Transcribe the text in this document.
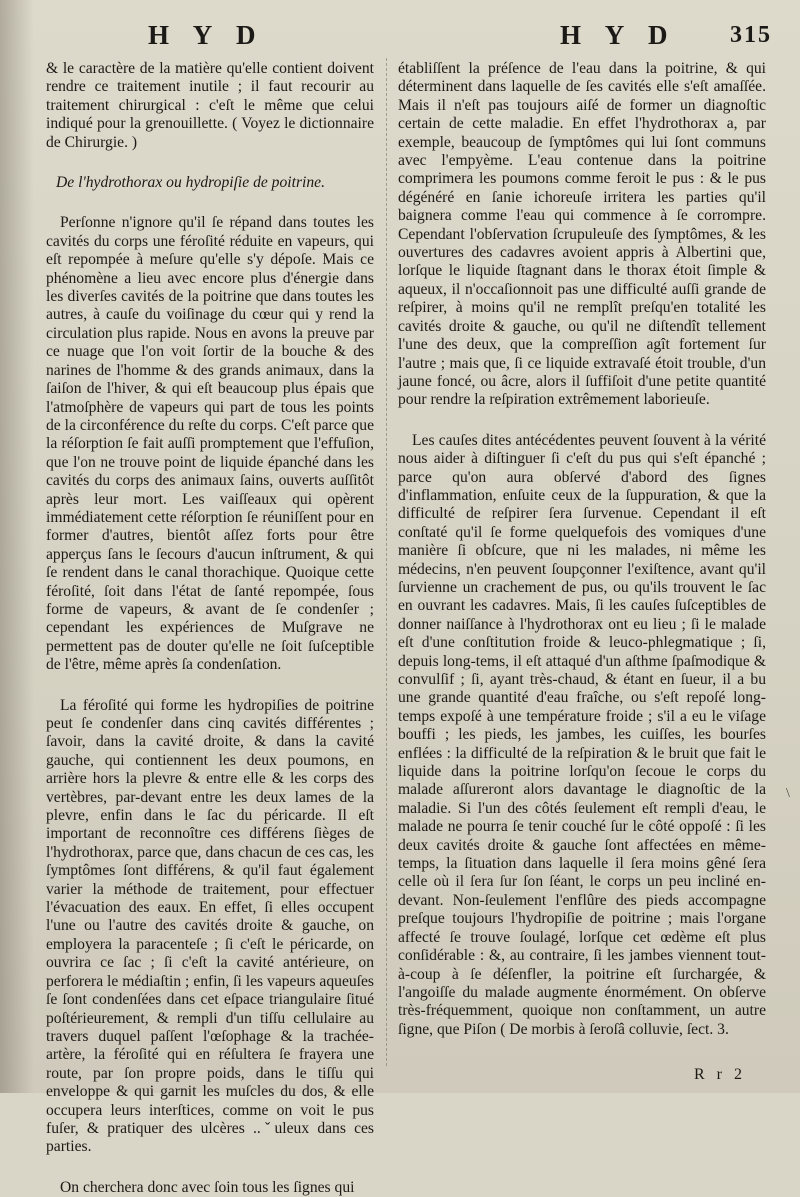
H Y D	H Y D 315

& le caractère de la matière qu'elle contient doivent rendre ce traitement inutile ; il faut recourir au traitement chirurgical : c'eſt le même que celui indiqué pour la grenouillette. ( Voyez le dictionnaire de Chirurgie. )

De l'hydrothorax ou hydropiſie de poitrine.

Perſonne n'ignore qu'il ſe répand dans toutes les cavités du corps une féroſité réduite en vapeurs, qui eſt repompée à meſure qu'elle s'y dépoſe. Mais ce phénomène a lieu avec encore plus d'énergie dans les diverſes cavités de la poitrine que dans toutes les autres, à cauſe du voiſinage du cœur qui y rend la circulation plus rapide. Nous en avons la preuve par ce nuage que l'on voit ſortir de la bouche & des narines de l'homme & des grands animaux, dans la ſaiſon de l'hiver, & qui eſt beaucoup plus épais que l'atmoſphère de vapeurs qui part de tous les points de la circonférence du reſte du corps. C'eſt parce que la réſorption ſe fait auſſi promptement que l'effuſion, que l'on ne trouve point de liquide épanché dans les cavités du corps des animaux ſains, ouverts auſſitôt après leur mort. Les vaiſſeaux qui opèrent immédiatement cette réſorption ſe réuniſſent pour en former d'autres, bientôt aſſez forts pour être apperçus ſans le ſecours d'aucun inſtrument, & qui ſe rendent dans le canal thorachique. Quoique cette féroſité, ſoit dans l'état de ſanté repompée, ſous forme de vapeurs, & avant de ſe condenſer ; cependant les expériences de Muſgrave ne permettent pas de douter qu'elle ne ſoit ſuſceptible de l'être, même après ſa condenſation.

La féroſité qui forme les hydropiſies de poitrine peut ſe condenſer dans cinq cavités différentes ; ſavoir, dans la cavité droite, & dans la cavité gauche, qui contiennent les deux poumons, en arrière hors la plevre & entre elle & les corps des vertèbres, par-devant entre les deux lames de la plevre, enfin dans le ſac du péricarde. Il eſt important de reconnoître ces différens ſièges de l'hydrothorax, parce que, dans chacun de ces cas, les ſymptômes ſont différens, & qu'il faut également varier la méthode de traitement, pour effectuer l'évacuation des eaux. En effet, ſi elles occupent l'une ou l'autre des cavités droite & gauche, on employera la paracenteſe ; ſi c'eſt le péricarde, on ouvrira ce ſac ; ſi c'eſt la cavité antérieure, on perforera le médiaſtin ; enfin, ſi les vapeurs aqueuſes ſe ſont condenſées dans cet eſpace triangulaire ſitué poſtérieurement, & rempli d'un tiſſu cellulaire au travers duquel paſſent l'œſophage & la trachée-artère, la féroſité qui en réſultera ſe frayera une route, par ſon propre poids, dans le tiſſu qui enveloppe & qui garnit les muſcles du dos, & elle occupera leurs interſtices, comme on voit le pus fuſer, & pratiquer des ulcères ..ˇuleux dans ces parties.

On cherchera donc avec ſoin tous les ſignes qui

établiſſent la préſence de l'eau dans la poitrine, & qui déterminent dans laquelle de ſes cavités elle s'eſt amaſſée. Mais il n'eſt pas toujours aiſé de former un diagnoſtic certain de cette maladie. En effet l'hydrothorax a, par exemple, beaucoup de ſymptômes qui lui ſont communs avec l'empyème. L'eau contenue dans la poitrine comprimera les poumons comme feroit le pus : & le pus dégénéré en ſanie ichoreuſe irritera les parties qu'il baignera comme l'eau qui commence à ſe corrompre. Cependant l'obſervation ſcrupuleuſe des ſymptômes, & les ouvertures des cadavres avoient appris à Albertini que, lorſque le liquide ſtagnant dans le thorax étoit ſimple & aqueux, il n'occaſionnoit pas une difficulté auſſi grande de reſpirer, à moins qu'il ne remplît preſqu'en totalité les cavités droite & gauche, ou qu'il ne diſtendît tellement l'une des deux, que la compreſſion agît fortement ſur l'autre ; mais que, ſi ce liquide extravaſé étoit trouble, d'un jaune foncé, ou âcre, alors il ſuffiſoit d'une petite quantité pour rendre la reſpiration extrêmement laborieuſe.

Les cauſes dites antécédentes peuvent ſouvent à la vérité nous aider à diſtinguer ſi c'eſt du pus qui s'eſt épanché ; parce qu'on aura obſervé d'abord des ſignes d'inflammation, enſuite ceux de la ſuppuration, & que la difficulté de reſpirer ſera ſurvenue. Cependant il eſt conſtaté qu'il ſe forme quelquefois des vomiques d'une manière ſi obſcure, que ni les malades, ni même les médecins, n'en peuvent ſoupçonner l'exiſtence, avant qu'il ſurvienne un crachement de pus, ou qu'ils trouvent le ſac en ouvrant les cadavres. Mais, ſi les cauſes ſuſceptibles de donner naiſſance à l'hydrothorax ont eu lieu ; ſi le malade eſt d'une conſtitution froide & leuco-phlegmatique ; ſi, depuis long-tems, il eſt attaqué d'un aſthme ſpaſmodique & convulſif ; ſi, ayant très-chaud, & étant en ſueur, il a bu une grande quantité d'eau fraîche, ou s'eſt repoſé long-temps expoſé à une température froide ; s'il a eu le viſage bouffi ; les pieds, les jambes, les cuiſſes, les bourſes enflées : la difficulté de la reſpiration & le bruit que fait le liquide dans la poitrine lorſqu'on ſecoue le corps du malade aſſureront alors davantage le diagnoſtic de la maladie. Si l'un des côtés ſeulement eſt rempli d'eau, le malade ne pourra ſe tenir couché ſur le côté oppoſé : ſi les deux cavités droite & gauche ſont affectées en même-temps, la ſituation dans laquelle il ſera moins gêné ſera celle où il ſera ſur ſon ſéant, le corps un peu incliné en-devant. Non-ſeulement l'enflûre des pieds accompagne preſque toujours l'hydropiſie de poitrine ; mais l'organe affecté ſe trouve ſoulagé, lorſque cet œdème eſt plus conſidérable : &, au contraire, ſi les jambes viennent tout-à-coup à ſe déſenfler, la poitrine eſt ſurchargée, & l'angoiſſe du malade augmente énormément. On obſerve très-fréquemment, quoique non conſtamment, un autre ſigne, que Piſon ( De morbis à ſeroſâ colluvie, ſect. 3.

\
R r 2
